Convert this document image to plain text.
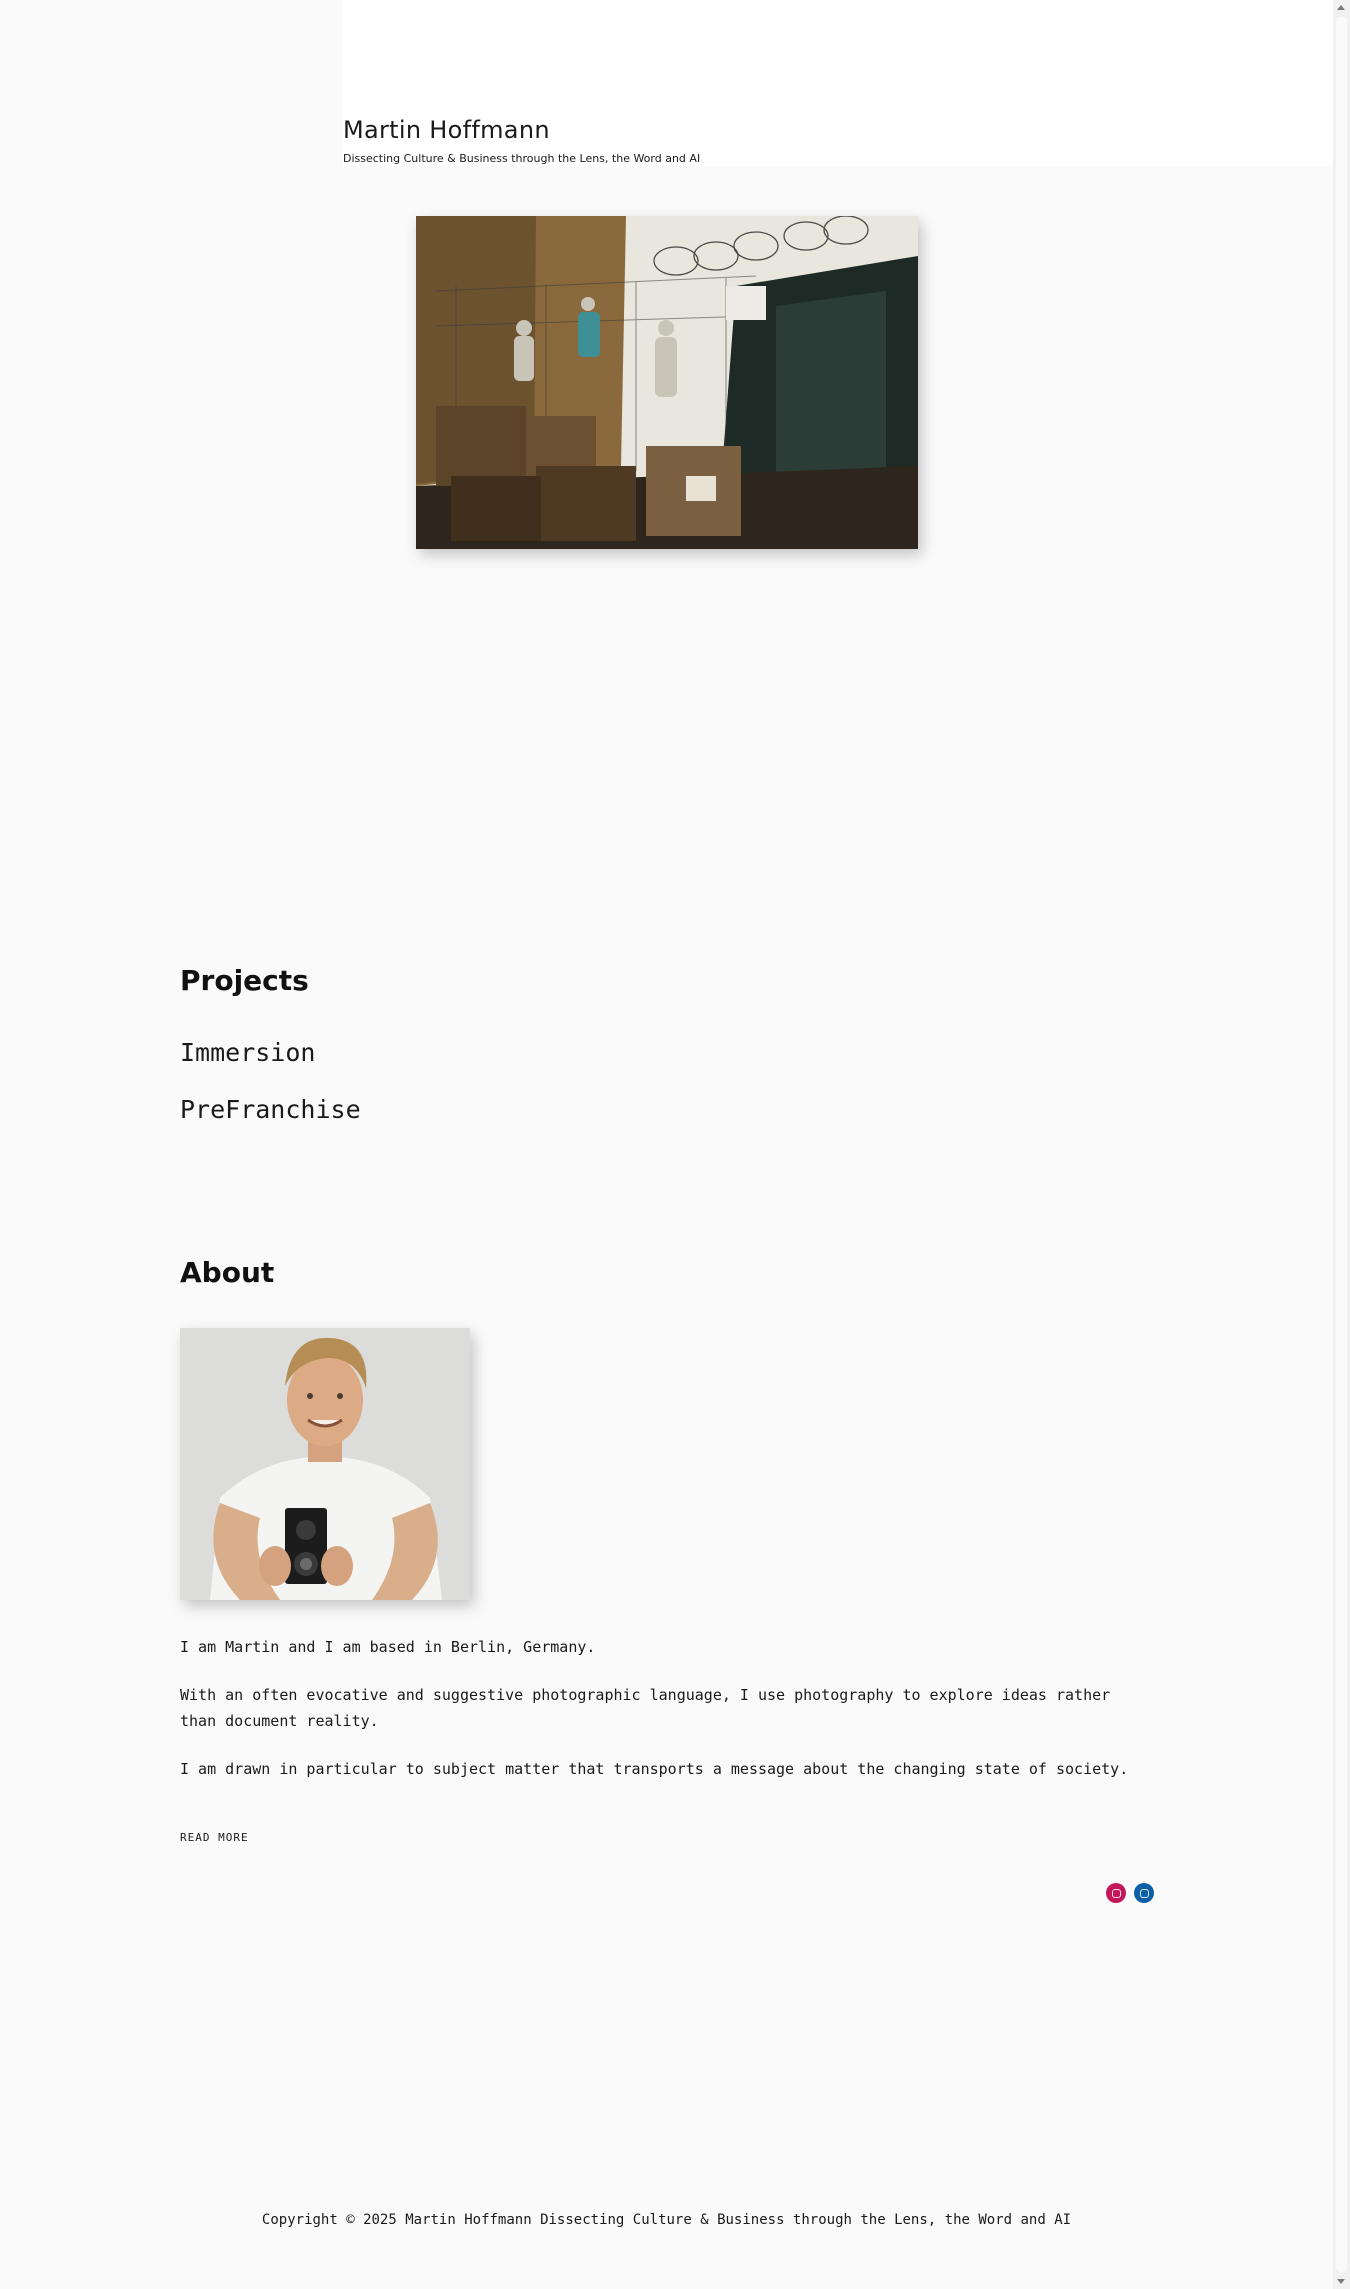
Martin Hoffmann

Dissecting Culture & Business through the Lens, the Word and AI

Projects
Immersion
PreFranchise
About

I am Martin and I am based in Berlin, Germany.

With an often evocative and suggestive photographic language, I use photography to explore ideas rather than document reality.

I am drawn in particular to subject matter that transports a message about the changing state of society.

READ MORE
Copyright © 2025 Martin Hoffmann Dissecting Culture & Business through the Lens, the Word and AI
